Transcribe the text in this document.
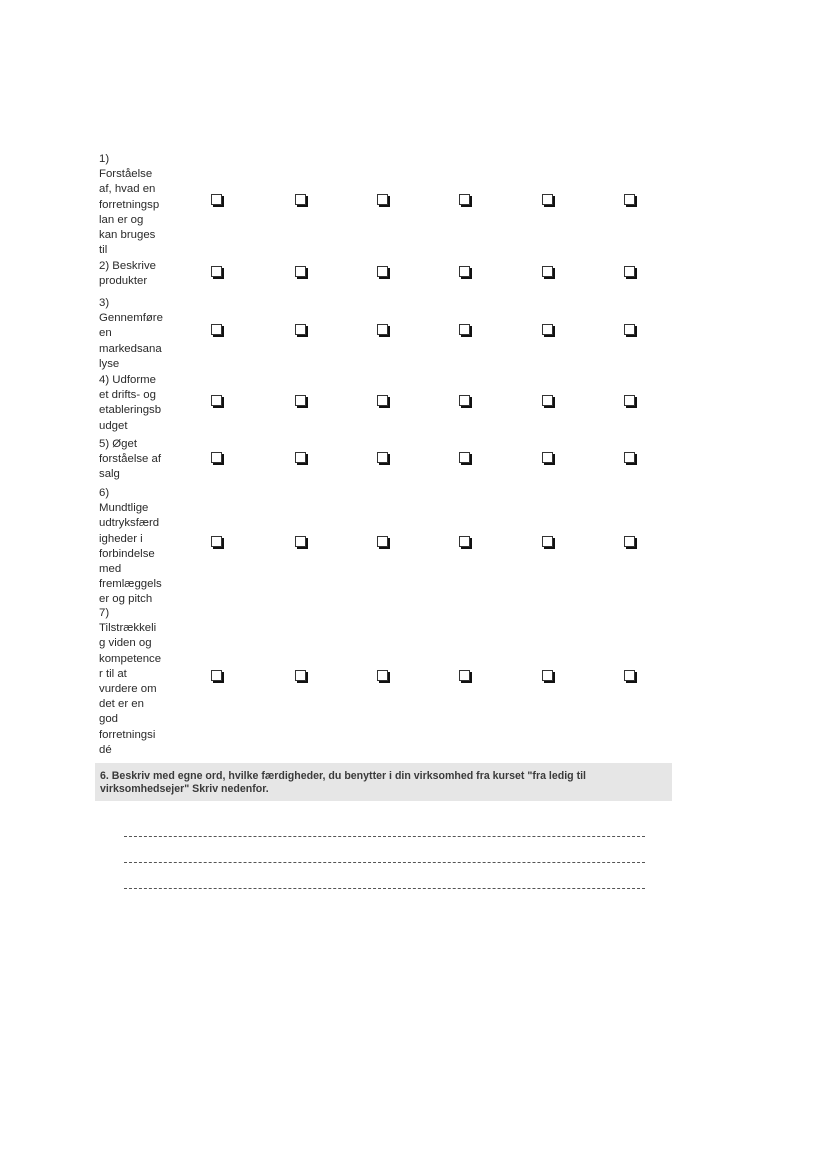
1)
Forståelse
af, hvad en
forretningsp
lan er og
kan bruges
til
2) Beskrive
produkter
3)
Gennemføre
en
markedsana
lyse
4) Udforme
et drifts- og
etableringsb
udget
5) Øget
forståelse af
salg
6)
Mundtlige
udtryksfærd
igheder i
forbindelse
med
fremlæggels
er og pitch
7)
Tilstrækkeli
g viden og
kompetence
r til at
vurdere om
det er en
god
forretningsi
dé
6. Beskriv med egne ord, hvilke færdigheder, du benytter i din virksomhed fra kurset "fra ledig til
virksomhedsejer" Skriv nedenfor.
